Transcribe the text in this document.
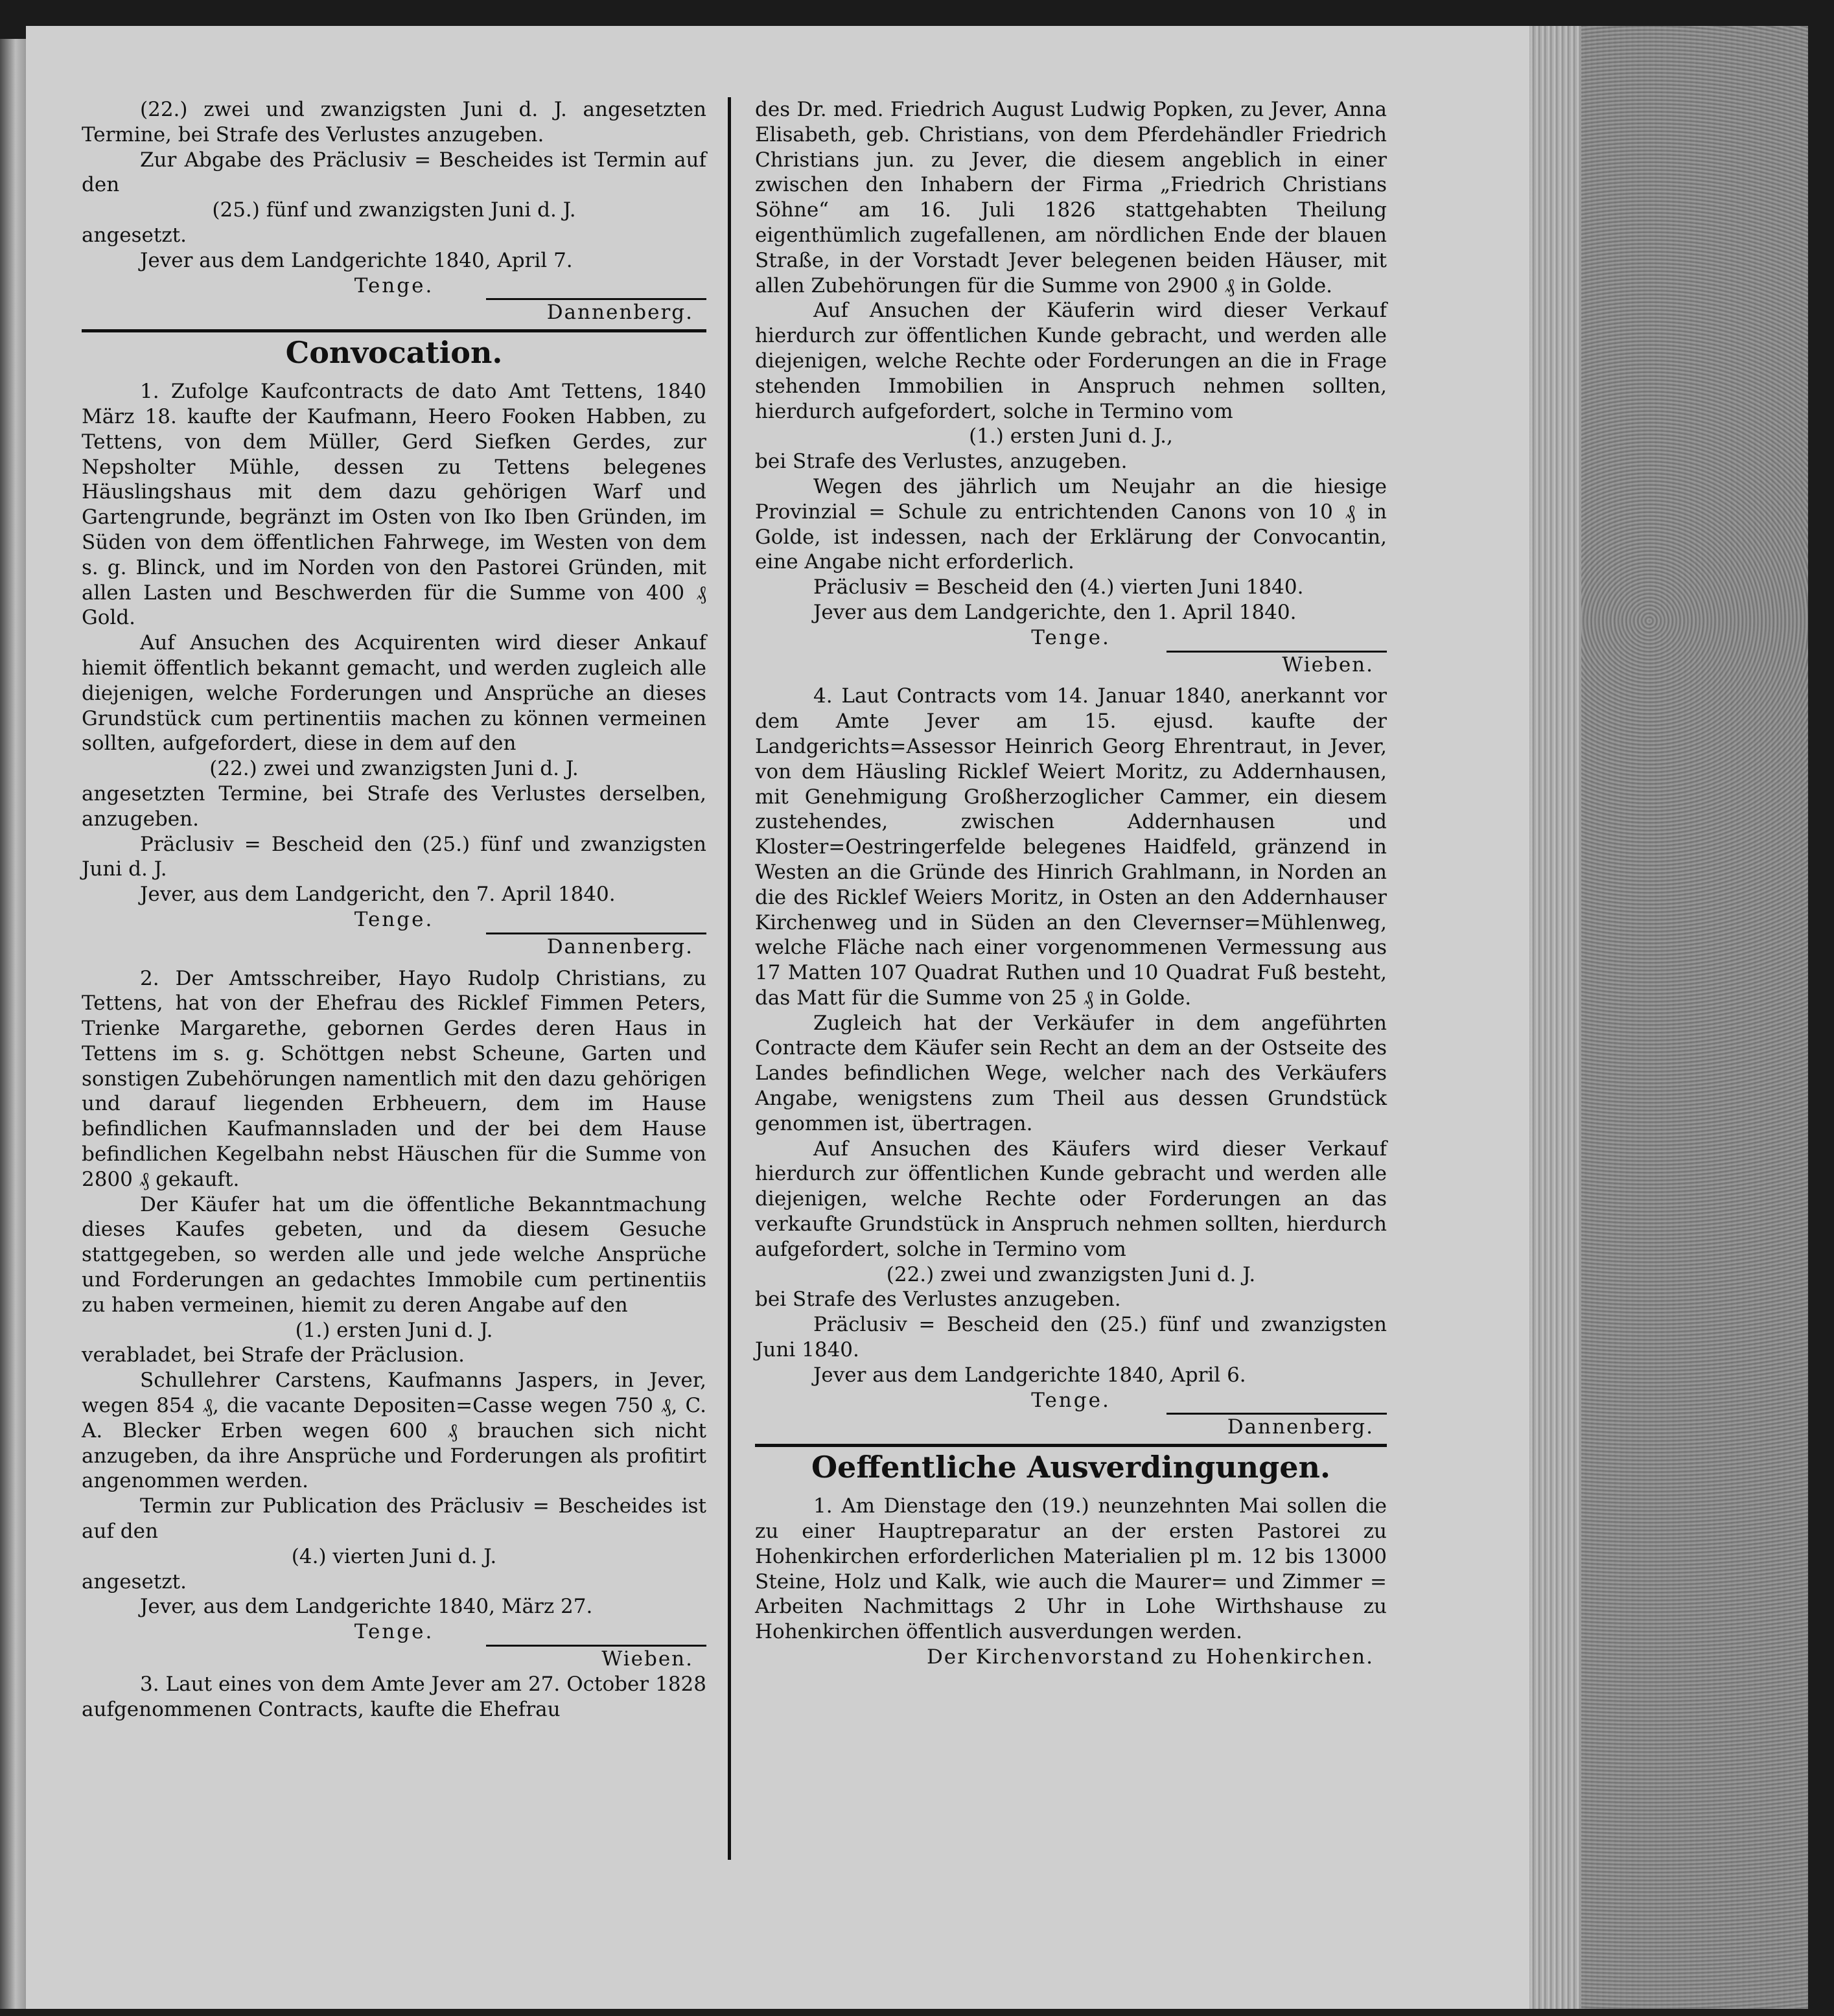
(22.) zwei und zwanzigsten Juni d. J. angesetzten Termine, bei Strafe des Verlustes anzugeben.

Zur Abgabe des Präclusiv = Bescheides ist Termin auf den

(25.) fünf und zwanzigsten Juni d. J.

angesetzt.

Jever aus dem Landgerichte 1840, April 7.

Tenge.

Dannenberg.

Convocation.

1. Zufolge Kaufcontracts de dato Amt Tettens, 1840 März 18. kaufte der Kaufmann, Heero Fooken Habben, zu Tettens, von dem Müller, Gerd Siefken Gerdes, zur Nepsholter Mühle, dessen zu Tettens belegenes Häuslingshaus mit dem dazu gehörigen Warf und Gartengrunde, begränzt im Osten von Iko Iben Gründen, im Süden von dem öffentlichen Fahrwege, im Westen von dem s. g. Blinck, und im Norden von den Pastorei Gründen, mit allen Lasten und Beschwerden für die Summe von 400 ₰ Gold.

Auf Ansuchen des Acquirenten wird dieser Ankauf hiemit öffentlich bekannt gemacht, und werden zugleich alle diejenigen, welche Forderungen und Ansprüche an dieses Grundstück cum pertinentiis machen zu können vermeinen sollten, aufgefordert, diese in dem auf den

(22.) zwei und zwanzigsten Juni d. J.

angesetzten Termine, bei Strafe des Verlustes derselben, anzugeben.

Präclusiv = Bescheid den (25.) fünf und zwanzigsten Juni d. J.

Jever, aus dem Landgericht, den 7. April 1840.

Tenge.

Dannenberg.

2. Der Amtsschreiber, Hayo Rudolp Christians, zu Tettens, hat von der Ehefrau des Ricklef Fimmen Peters, Trienke Margarethe, gebornen Gerdes deren Haus in Tettens im s. g. Schöttgen nebst Scheune, Garten und sonstigen Zubehörungen namentlich mit den dazu gehörigen und darauf liegenden Erbheuern, dem im Hause befindlichen Kaufmannsladen und der bei dem Hause befindlichen Kegelbahn nebst Häuschen für die Summe von 2800 ₰ gekauft.

Der Käufer hat um die öffentliche Bekanntmachung dieses Kaufes gebeten, und da diesem Gesuche stattgegeben, so werden alle und jede welche Ansprüche und Forderungen an gedachtes Immobile cum pertinentiis zu haben vermeinen, hiemit zu deren Angabe auf den

(1.) ersten Juni d. J.

verabladet, bei Strafe der Präclusion.

Schullehrer Carstens, Kaufmanns Jaspers, in Jever, wegen 854 ₰, die vacante Depositen=Casse wegen 750 ₰, C. A. Blecker Erben wegen 600 ₰ brauchen sich nicht anzugeben, da ihre Ansprüche und Forderungen als profitirt angenommen werden.

Termin zur Publication des Präclusiv = Bescheides ist auf den

(4.) vierten Juni d. J.

angesetzt.

Jever, aus dem Landgerichte 1840, März 27.

Tenge.

Wieben.

3. Laut eines von dem Amte Jever am 27. October 1828 aufgenommenen Contracts, kaufte die Ehefrau

des Dr. med. Friedrich August Ludwig Popken, zu Jever, Anna Elisabeth, geb. Christians, von dem Pferdehändler Friedrich Christians jun. zu Jever, die diesem angeblich in einer zwischen den Inhabern der Firma „Friedrich Christians Söhne“ am 16. Juli 1826 stattgehabten Theilung eigenthümlich zugefallenen, am nördlichen Ende der blauen Straße, in der Vorstadt Jever belegenen beiden Häuser, mit allen Zubehörungen für die Summe von 2900 ₰ in Golde.

Auf Ansuchen der Käuferin wird dieser Verkauf hierdurch zur öffentlichen Kunde gebracht, und werden alle diejenigen, welche Rechte oder Forderungen an die in Frage stehenden Immobilien in Anspruch nehmen sollten, hierdurch aufgefordert, solche in Termino vom

(1.) ersten Juni d. J.,

bei Strafe des Verlustes, anzugeben.

Wegen des jährlich um Neujahr an die hiesige Provinzial = Schule zu entrichtenden Canons von 10 ₰ in Golde, ist indessen, nach der Erklärung der Convocantin, eine Angabe nicht erforderlich.

Präclusiv = Bescheid den (4.) vierten Juni 1840.

Jever aus dem Landgerichte, den 1. April 1840.

Tenge.

Wieben.

4. Laut Contracts vom 14. Januar 1840, anerkannt vor dem Amte Jever am 15. ejusd. kaufte der Landgerichts=Assessor Heinrich Georg Ehrentraut, in Jever, von dem Häusling Ricklef Weiert Moritz, zu Addernhausen, mit Genehmigung Großherzoglicher Cammer, ein diesem zustehendes, zwischen Addernhausen und Kloster=Oestringerfelde belegenes Haidfeld, gränzend in Westen an die Gründe des Hinrich Grahlmann, in Norden an die des Ricklef Weiers Moritz, in Osten an den Addernhauser Kirchenweg und in Süden an den Clevernser=Mühlenweg, welche Fläche nach einer vorgenommenen Vermessung aus 17 Matten 107 Quadrat Ruthen und 10 Quadrat Fuß besteht, das Matt für die Summe von 25 ₰ in Golde.

Zugleich hat der Verkäufer in dem angeführten Contracte dem Käufer sein Recht an dem an der Ostseite des Landes befindlichen Wege, welcher nach des Verkäufers Angabe, wenigstens zum Theil aus dessen Grundstück genommen ist, übertragen.

Auf Ansuchen des Käufers wird dieser Verkauf hierdurch zur öffentlichen Kunde gebracht und werden alle diejenigen, welche Rechte oder Forderungen an das verkaufte Grundstück in Anspruch nehmen sollten, hierdurch aufgefordert, solche in Termino vom

(22.) zwei und zwanzigsten Juni d. J.

bei Strafe des Verlustes anzugeben.

Präclusiv = Bescheid den (25.) fünf und zwanzigsten Juni 1840.

Jever aus dem Landgerichte 1840, April 6.

Tenge.

Dannenberg.

Oeffentliche Ausverdingungen.

1. Am Dienstage den (19.) neunzehnten Mai sollen die zu einer Hauptreparatur an der ersten Pastorei zu Hohenkirchen erforderlichen Materialien pl m. 12 bis 13000 Steine, Holz und Kalk, wie auch die Maurer= und Zimmer = Arbeiten Nachmittags 2 Uhr in Lohe Wirthshause zu Hohenkirchen öffentlich ausverdungen werden.

Der Kirchenvorstand zu Hohenkirchen.
